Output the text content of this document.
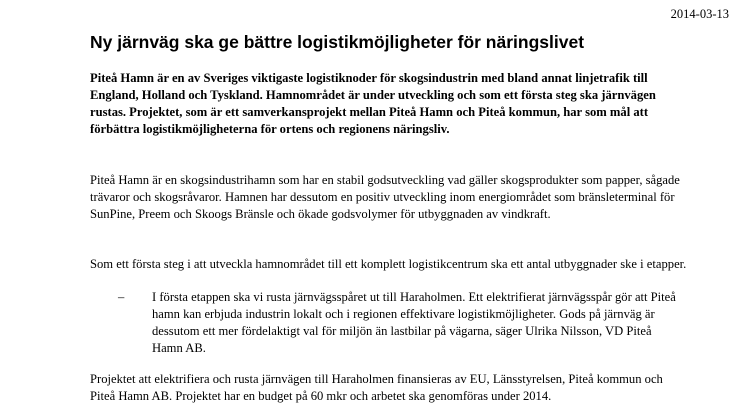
2014-03-13
Ny järnväg ska ge bättre logistikmöjligheter för näringslivet

Piteå Hamn är en av Sveriges viktigaste logistiknoder för skogsindustrin med bland annat linjetrafik till England, Holland och Tyskland. Hamnområdet är under utveckling och som ett första steg ska järnvägen rustas. Projektet, som är ett samverkansprojekt mellan Piteå Hamn och Piteå kommun, har som mål att förbättra logistikmöjligheterna för ortens och regionens näringsliv.

Piteå Hamn är en skogsindustrihamn som har en stabil godsutveckling vad gäller skogsprodukter som papper, sågade trävaror och skogsråvaror. Hamnen har dessutom en positiv utveckling inom energiområdet som bränsleterminal för SunPine, Preem och Skoogs Bränsle och ökade godsvolymer för utbyggnaden av vindkraft.

Som ett första steg i att utveckla hamnområdet till ett komplett logistikcentrum ska ett antal utbyggnader ske i etapper.

– I första etappen ska vi rusta järnvägsspåret ut till Haraholmen. Ett elektrifierat järnvägsspår gör att Piteå hamn kan erbjuda industrin lokalt och i regionen effektivare logistikmöjligheter. Gods på järnväg är dessutom ett mer fördelaktigt val för miljön än lastbilar på vägarna, säger Ulrika Nilsson, VD Piteå Hamn AB.

Projektet att elektrifiera och rusta järnvägen till Haraholmen finansieras av EU, Länsstyrelsen, Piteå kommun och Piteå Hamn AB. Projektet har en budget på 60 mkr och arbetet ska genomföras under 2014.
